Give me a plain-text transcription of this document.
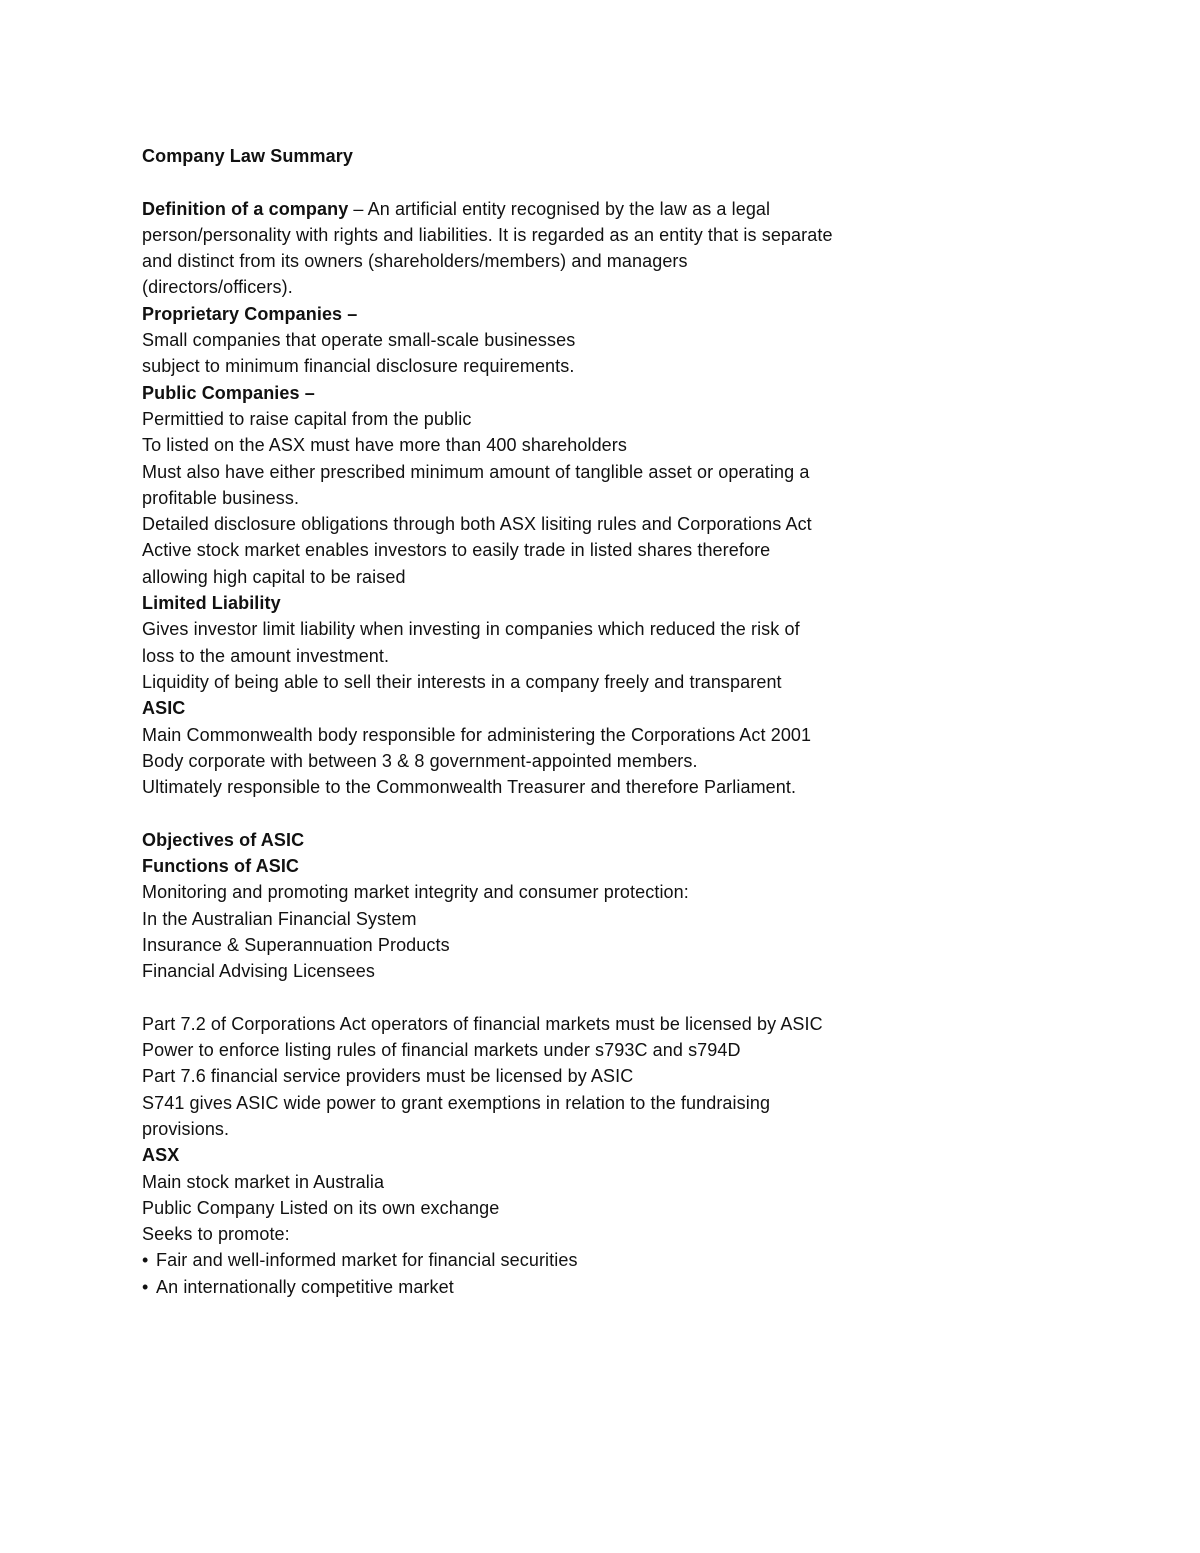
Company Law Summary

Definition of a company – An artificial entity recognised by the law as a legal

person/personality with rights and liabilities. It is regarded as an entity that is separate

and distinct from its owners (shareholders/members) and managers

(directors/officers).

Proprietary Companies –

Small companies that operate small-scale businesses

subject to minimum financial disclosure requirements.

Public Companies –

Permittied to raise capital from the public

To listed on the ASX must have more than 400 shareholders

Must also have either prescribed minimum amount of tanglible asset or operating a

profitable business.

Detailed disclosure obligations through both ASX lisiting rules and Corporations Act

Active stock market enables investors to easily trade in listed shares therefore

allowing high capital to be raised

Limited Liability

Gives investor limit liability when investing in companies which reduced the risk of

loss to the amount investment.

Liquidity of being able to sell their interests in a company freely and transparent

ASIC

Main Commonwealth body responsible for administering the Corporations Act 2001

Body corporate with between 3 & 8 government-appointed members.

Ultimately responsible to the Commonwealth Treasurer and therefore Parliament.

Objectives of ASIC

Functions of ASIC

Monitoring and promoting market integrity and consumer protection:

In the Australian Financial System

Insurance & Superannuation Products

Financial Advising Licensees

Part 7.2 of Corporations Act operators of financial markets must be licensed by ASIC

Power to enforce listing rules of financial markets under s793C and s794D

Part 7.6 financial service providers must be licensed by ASIC

S741 gives ASIC wide power to grant exemptions in relation to the fundraising

provisions.

ASX

Main stock market in Australia

Public Company Listed on its own exchange

Seeks to promote:

• Fair and well-informed market for financial securities

• An internationally competitive market
